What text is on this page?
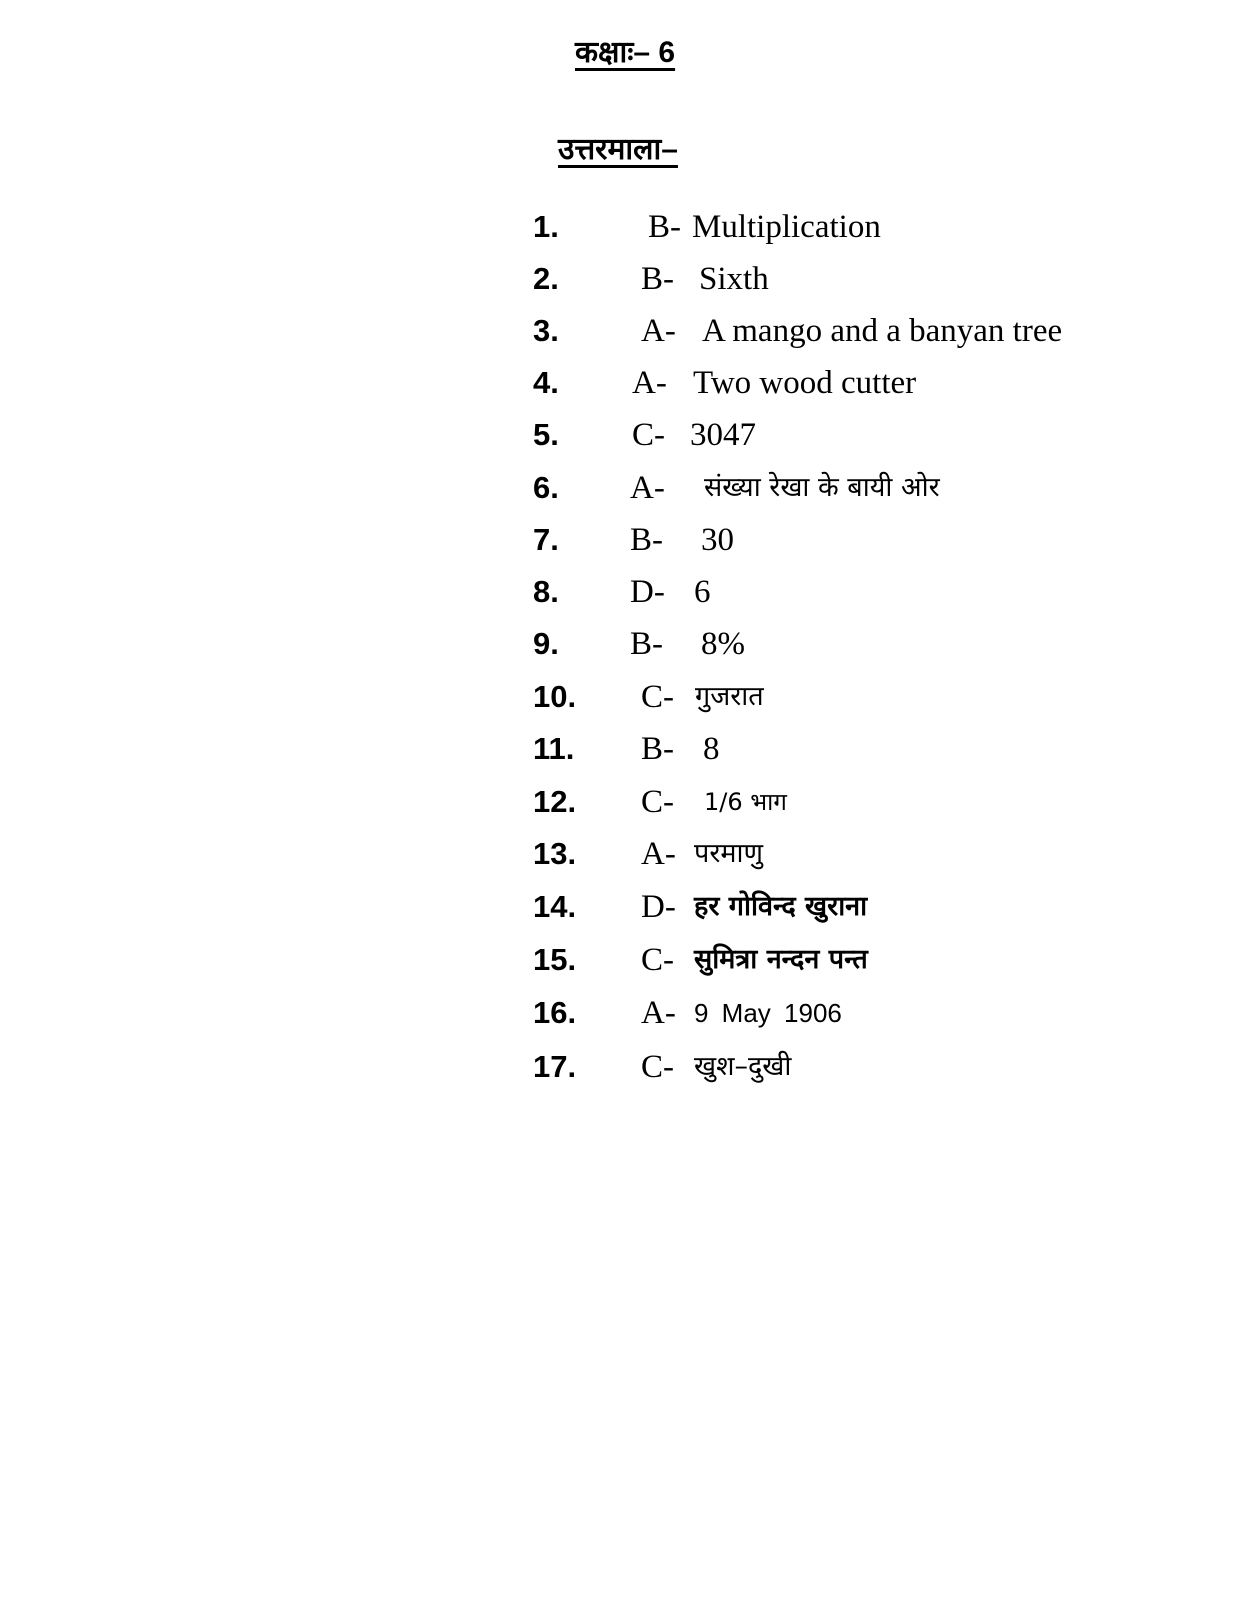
कक्षाः– 6
उत्तरमाला–
1.	B- Multiplication
2. B- Sixth
3. A- A mango and a banyan tree
4. A- Two wood cutter
5. C- 3047
6. A- संख्या रेखा के बायी ओर
7. B- 30
8. D- 6
9. B- 8%
10. C- गुजरात
11. B- 8
12. C- 1/6 भाग
13. A- परमाणु
14. D- हर गोविन्द खुराना
15. C- सुमित्रा नन्दन पन्त
16. A- 9 May 1906
17. C- खुश–दुखी
